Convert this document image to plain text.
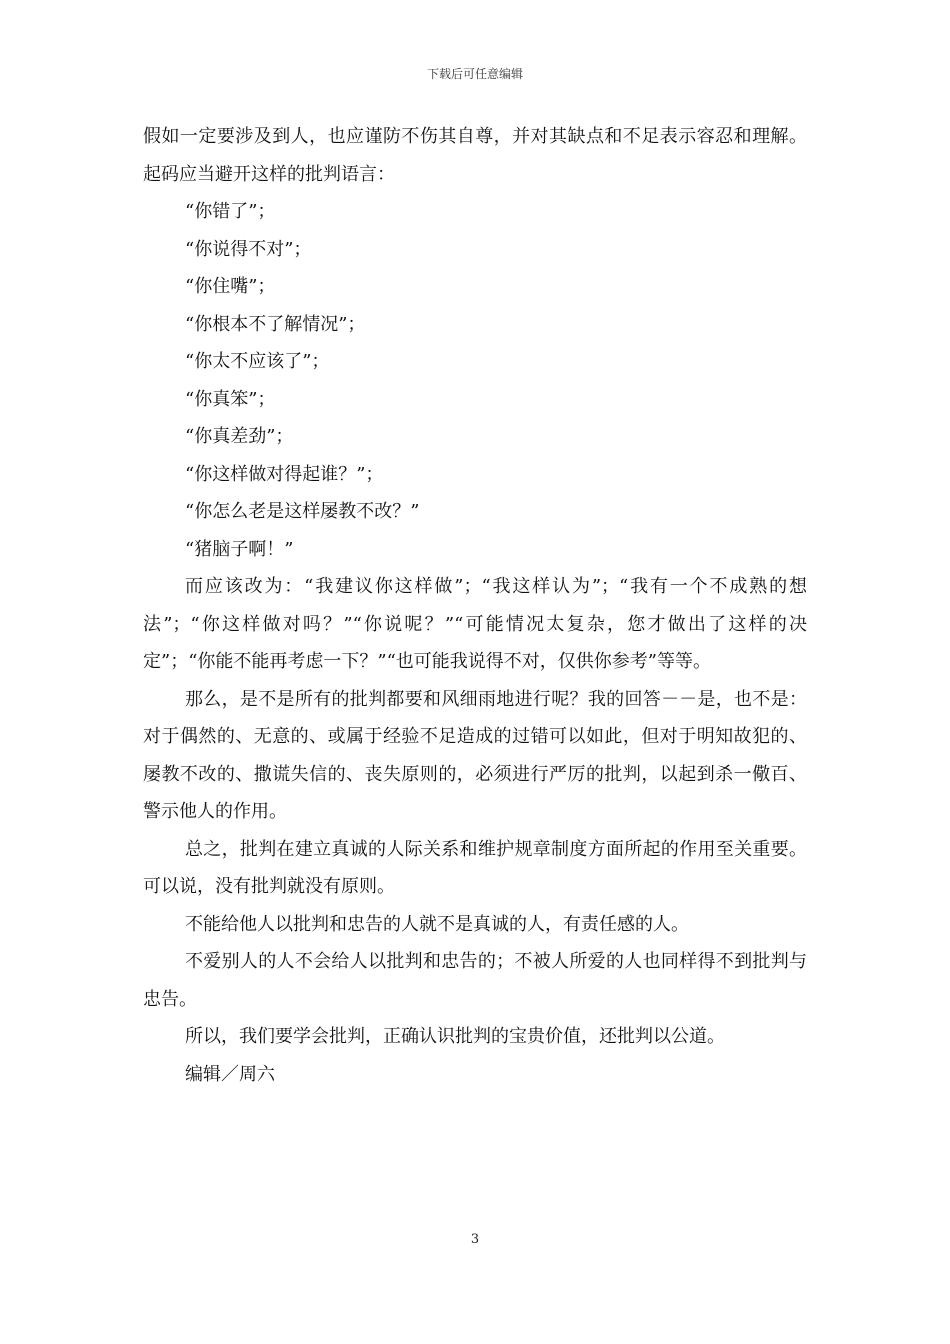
下载后可任意编辑

假如一定要涉及到人，也应谨防不伤其自尊，并对其缺点和不足表示容忍和理解。起码应当避开这样的批判语言：

“你错了”；

“你说得不对”；

“你住嘴”；

“你根本不了解情况”；

“你太不应该了”；

“你真笨”；

“你真差劲”；

“你这样做对得起谁？”；

“你怎么老是这样屡教不改？”

“猪脑子啊！”

而应该改为：“我建议你这样做”；“我这样认为”；“我有一个不成熟的想法”；“你这样做对吗？”“你说呢？”“可能情况太复杂，您才做出了这样的决定”；“你能不能再考虑一下？”“也可能我说得不对，仅供你参考”等等。

那么，是不是所有的批判都要和风细雨地进行呢？我的回答－－是，也不是：对于偶然的、无意的、或属于经验不足造成的过错可以如此，但对于明知故犯的、屡教不改的、撒谎失信的、丧失原则的，必须进行严厉的批判，以起到杀一儆百、警示他人的作用。

总之，批判在建立真诚的人际关系和维护规章制度方面所起的作用至关重要。可以说，没有批判就没有原则。

不能给他人以批判和忠告的人就不是真诚的人，有责任感的人。

不爱别人的人不会给人以批判和忠告的；不被人所爱的人也同样得不到批判与忠告。

所以，我们要学会批判，正确认识批判的宝贵价值，还批判以公道。

编辑／周六

3
